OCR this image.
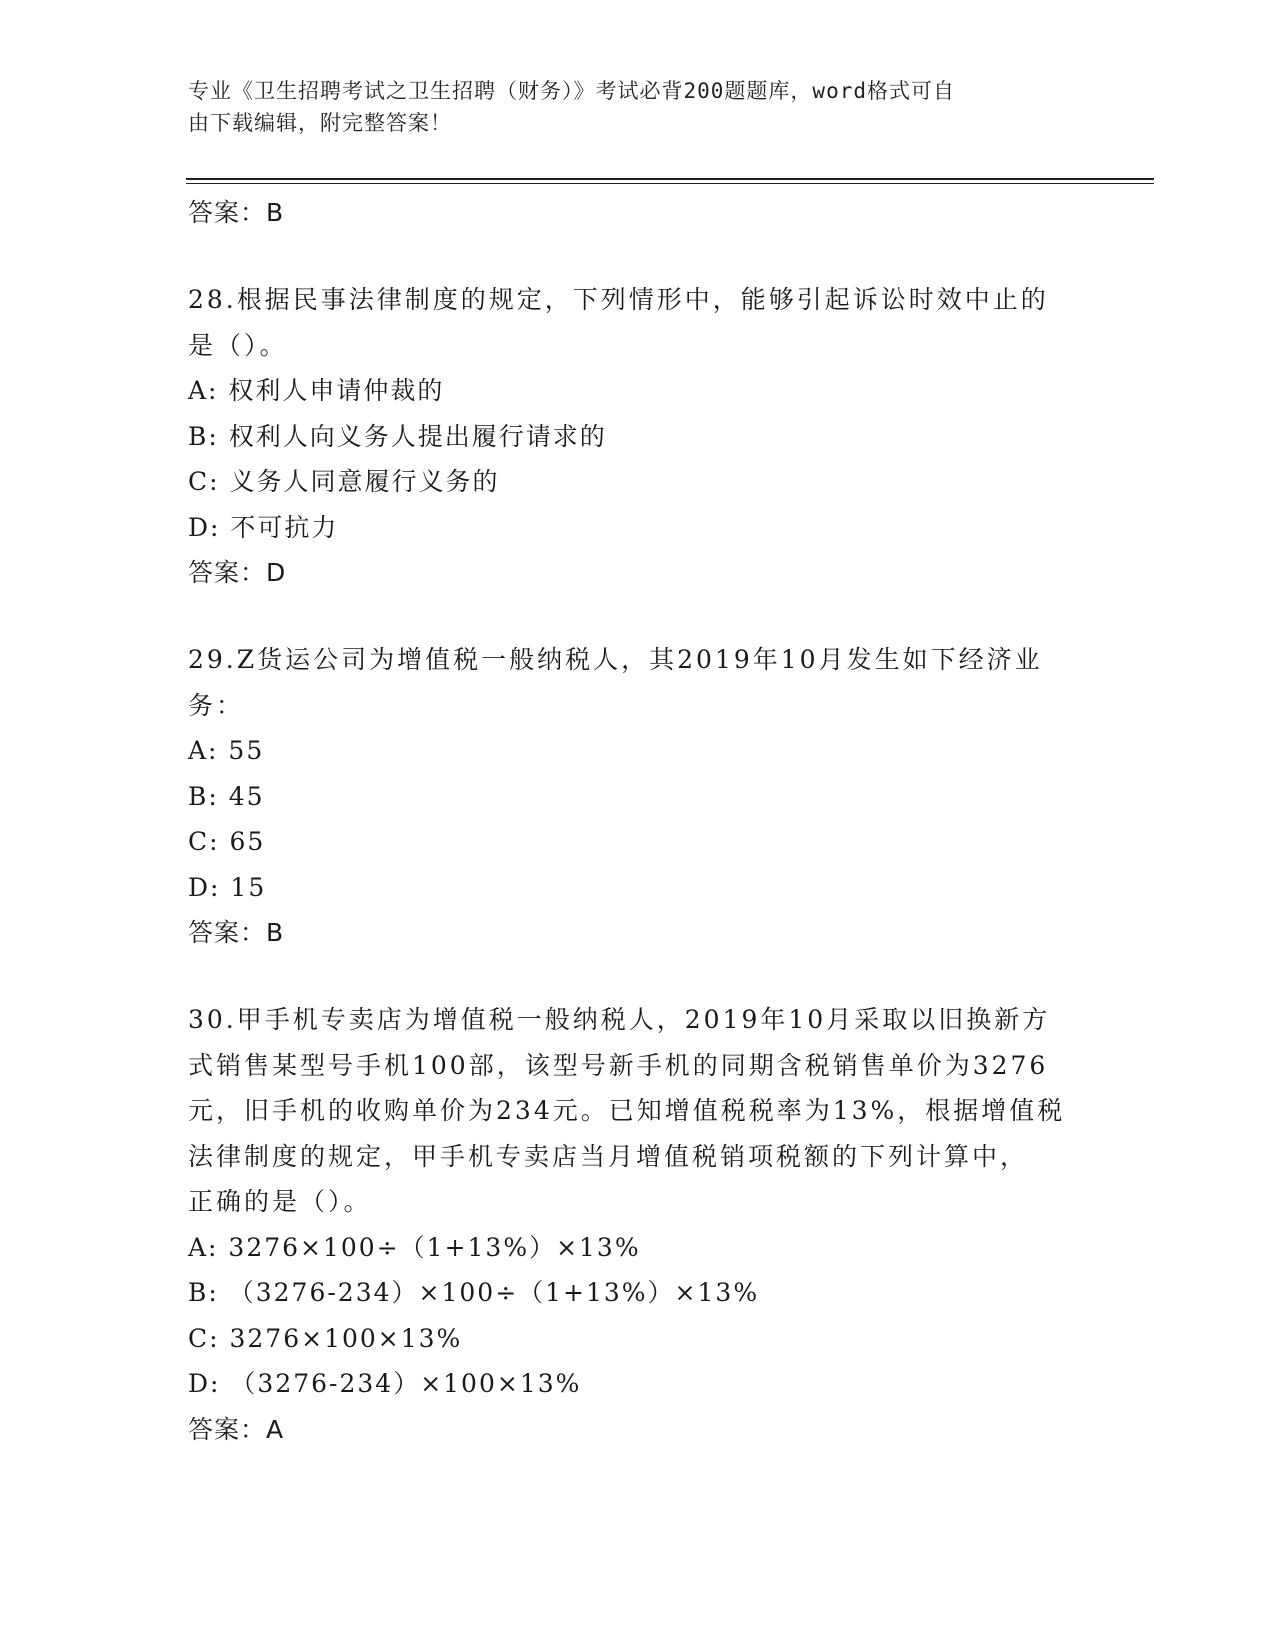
专业《卫生招聘考试之卫生招聘（财务）》考试必背200题题库，word格式可自
由下载编辑，附完整答案！
答案：B
28.根据民事法律制度的规定，下列情形中，能够引起诉讼时效中止的
是（）。
A: 权利人申请仲裁的
B: 权利人向义务人提出履行请求的
C: 义务人同意履行义务的
D: 不可抗力
答案：D
29.Z货运公司为增值税一般纳税人，其2019年10月发生如下经济业
务：
A: 55
B: 45
C: 65
D: 15
答案：B
30.甲手机专卖店为增值税一般纳税人，2019年10月采取以旧换新方
式销售某型号手机100部，该型号新手机的同期含税销售单价为3276
元，旧手机的收购单价为234元。已知增值税税率为13%，根据增值税
法律制度的规定，甲手机专卖店当月增值税销项税额的下列计算中，
正确的是（）。
A: 3276×100÷（1+13%）×13%
B: （3276-234）×100÷（1+13%）×13%
C: 3276×100×13%
D: （3276-234）×100×13%
答案：A
